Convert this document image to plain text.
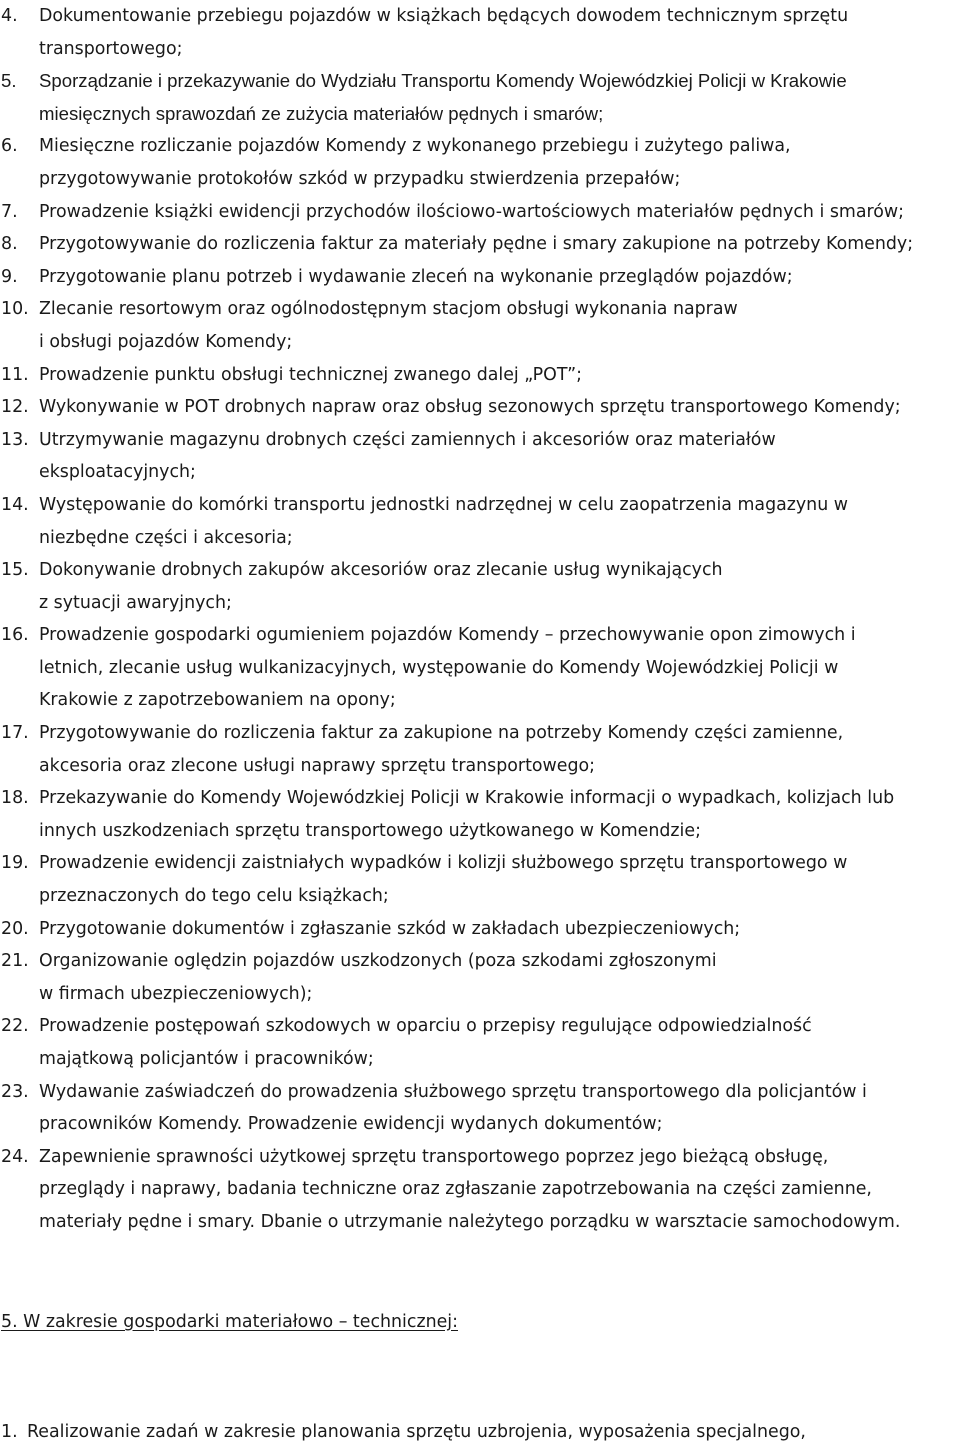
4. Dokumentowanie przebiegu pojazdów w książkach będących dowodem technicznym sprzętu
transportowego;
5. Sporządzanie i przekazywanie do Wydziału Transportu Komendy Wojewódzkiej Policji w Krakowie
miesięcznych sprawozdań ze zużycia materiałów pędnych i smarów;
6. Miesięczne rozliczanie pojazdów Komendy z wykonanego przebiegu i zużytego paliwa,
przygotowywanie protokołów szkód w przypadku stwierdzenia przepałów;
7. Prowadzenie książki ewidencji przychodów ilościowo-wartościowych materiałów pędnych i smarów;
8. Przygotowywanie do rozliczenia faktur za materiały pędne i smary zakupione na potrzeby Komendy;
9. Przygotowanie planu potrzeb i wydawanie zleceń na wykonanie przeglądów pojazdów;
10. Zlecanie resortowym oraz ogólnodostępnym stacjom obsługi wykonania napraw
i obsługi pojazdów Komendy;
11. Prowadzenie punktu obsługi technicznej zwanego dalej „POT”;
12. Wykonywanie w POT drobnych napraw oraz obsług sezonowych sprzętu transportowego Komendy;
13. Utrzymywanie magazynu drobnych części zamiennych i akcesoriów oraz materiałów
eksploatacyjnych;
14. Występowanie do komórki transportu jednostki nadrzędnej w celu zaopatrzenia magazynu w
niezbędne części i akcesoria;
15. Dokonywanie drobnych zakupów akcesoriów oraz zlecanie usług wynikających
z sytuacji awaryjnych;
16. Prowadzenie gospodarki ogumieniem pojazdów Komendy – przechowywanie opon zimowych i
letnich, zlecanie usług wulkanizacyjnych, występowanie do Komendy Wojewódzkiej Policji w
Krakowie z zapotrzebowaniem na opony;
17. Przygotowywanie do rozliczenia faktur za zakupione na potrzeby Komendy części zamienne,
akcesoria oraz zlecone usługi naprawy sprzętu transportowego;
18. Przekazywanie do Komendy Wojewódzkiej Policji w Krakowie informacji o wypadkach, kolizjach lub
innych uszkodzeniach sprzętu transportowego użytkowanego w Komendzie;
19. Prowadzenie ewidencji zaistniałych wypadków i kolizji służbowego sprzętu transportowego w
przeznaczonych do tego celu książkach;
20. Przygotowanie dokumentów i zgłaszanie szkód w zakładach ubezpieczeniowych;
21. Organizowanie oględzin pojazdów uszkodzonych (poza szkodami zgłoszonymi
w firmach ubezpieczeniowych);
22. Prowadzenie postępowań szkodowych w oparciu o przepisy regulujące odpowiedzialność
majątkową policjantów i pracowników;
23. Wydawanie zaświadczeń do prowadzenia służbowego sprzętu transportowego dla policjantów i
pracowników Komendy. Prowadzenie ewidencji wydanych dokumentów;
24. Zapewnienie sprawności użytkowej sprzętu transportowego poprzez jego bieżącą obsługę,
przeglądy i naprawy, badania techniczne oraz zgłaszanie zapotrzebowania na części zamienne,
materiały pędne i smary. Dbanie o utrzymanie należytego porządku w warsztacie samochodowym.
5. W zakresie gospodarki materiałowo – technicznej:
1. Realizowanie zadań w zakresie planowania sprzętu uzbrojenia, wyposażenia specjalnego,
